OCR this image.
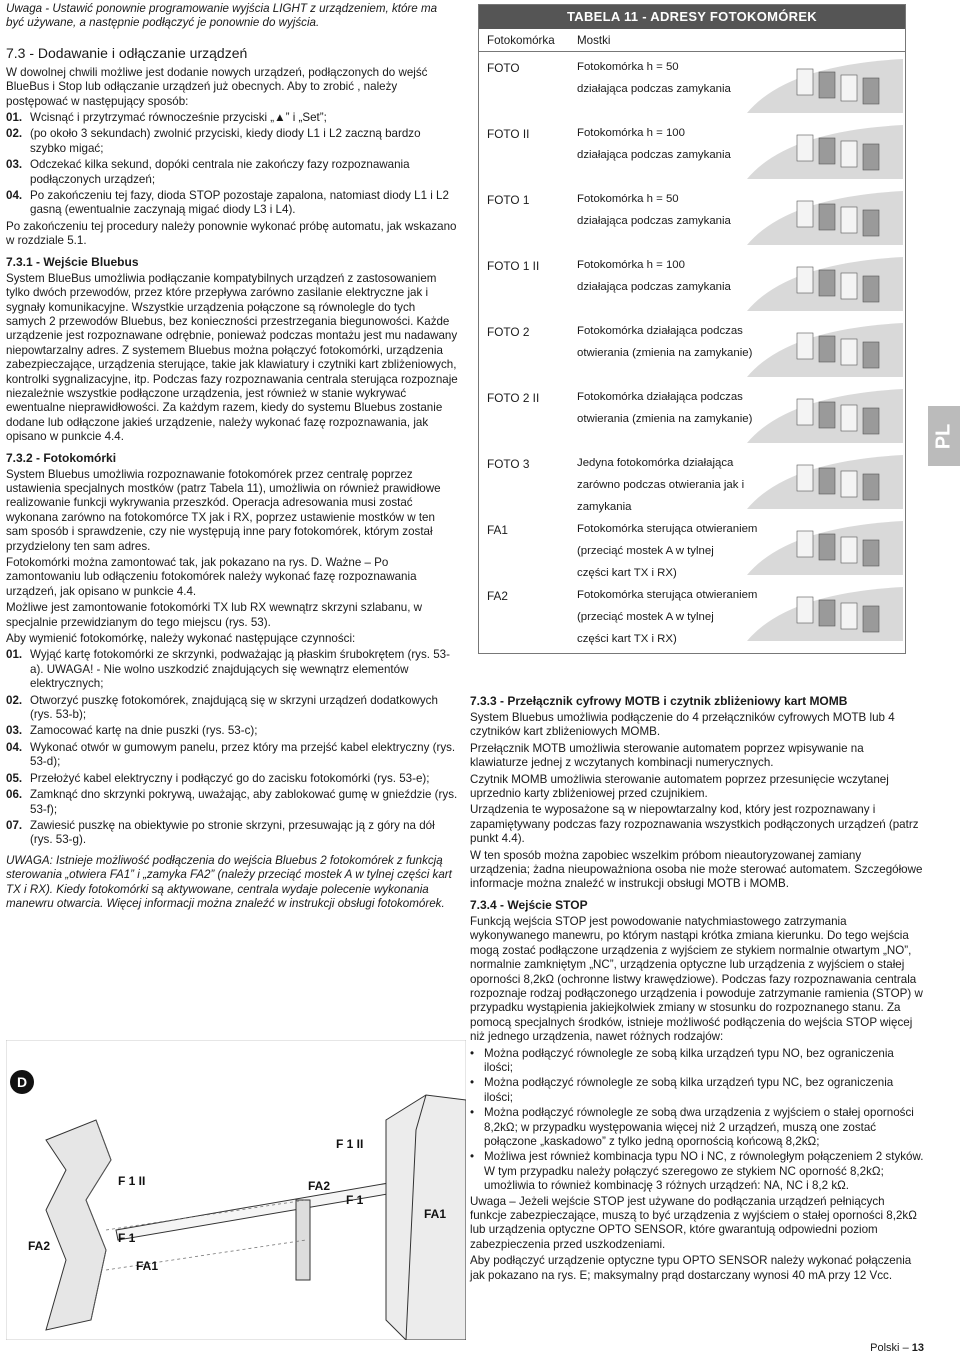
Uwaga - Ustawić ponownie programowanie wyjścia LIGHT z urządzeniem, które ma być używane, a następnie podłączyć je ponownie do wyjścia.

7.3 - Dodawanie i odłączanie urządzeń

W dowolnej chwili możliwe jest dodanie nowych urządzeń, podłączonych do wejść BlueBus i Stop lub odłączanie urządzeń już obecnych. Aby to zrobić , należy postępować w następujący sposób:

01. Wcisnąć i przytrzymać równocześnie przyciski „▲” i „Set”;
02. (po około 3 sekundach) zwolnić przyciski, kiedy diody L1 i L2 zaczną bardzo szybko migać;
03. Odczekać kilka sekund, dopóki centrala nie zakończy fazy rozpoznawania podłączonych urządzeń;
04. Po zakończeniu tej fazy, dioda STOP pozostaje zapalona, natomiast diody L1 i L2 gasną (ewentualnie zaczynają migać diody L3 i L4).

Po zakończeniu tej procedury należy ponownie wykonać próbę automatu, jak wskazano w rozdziale 5.1.

7.3.1 - Wejście Bluebus

System BlueBus umożliwia podłączanie kompatybilnych urządzeń z zastosowaniem tylko dwóch przewodów, przez które przepływa zarówno zasilanie elektryczne jak i sygnały komunikacyjne. Wszystkie urządzenia połączone są równolegle do tych samych 2 przewodów Bluebus, bez konieczności przestrzegania biegunowości. Każde urządzenie jest rozpoznawane odrębnie, ponieważ podczas montażu jest mu nadawany niepowtarzalny adres. Z systemem Bluebus można połączyć fotokomórki, urządzenia zabezpieczające, urządzenia sterujące, takie jak klawiatury i czytniki kart zbliżeniowych, kontrolki sygnalizacyjne, itp. Podczas fazy rozpoznawania centrala sterująca rozpoznaje niezależnie wszystkie podłączone urządzenia, jest również w stanie wykrywać ewentualne nieprawidłowości. Za każdym razem, kiedy do systemu Bluebus zostanie dodane lub odłączone jakieś urządzenie, należy wykonać fazę rozpoznawania, jak opisano w punkcie 4.4.

7.3.2 - Fotokomórki

System Bluebus umożliwia rozpoznawanie fotokomórek przez centralę poprzez ustawienia specjalnych mostków (patrz Tabela 11), umożliwia on również prawidłowe realizowanie funkcji wykrywania przeszkód. Operacja adresowania musi zostać wykonana zarówno na fotokomórce TX jak i RX, poprzez ustawienie mostków w ten sam sposób i sprawdzenie, czy nie występują inne pary fotokomórek, którym został przydzielony ten sam adres.

Fotokomórki można zamontować tak, jak pokazano na rys. D. Ważne – Po zamontowaniu lub odłączeniu fotokomórek należy wykonać fazę rozpoznawania urządzeń, jak opisano w punkcie 4.4.

Możliwe jest zamontowanie fotokomórki TX lub RX wewnątrz skrzyni szlabanu, w specjalnie przewidzianym do tego miejscu (rys. 53).

Aby wymienić fotokomórkę, należy wykonać następujące czynności:

01. Wyjąć kartę fotokomórki ze skrzynki, podważając ją płaskim śrubokrętem (rys. 53-a). UWAGA! - Nie wolno uszkodzić znajdujących się wewnątrz elementów elektrycznych;
02. Otworzyć puszkę fotokomórek, znajdującą się w skrzyni urządzeń dodatkowych (rys. 53-b);
03. Zamocować kartę na dnie puszki (rys. 53-c);
04. Wykonać otwór w gumowym panelu, przez który ma przejść kabel elektryczny (rys. 53-d);
05. Przełożyć kabel elektryczny i podłączyć go do zacisku fotokomórki (rys. 53-e);
06. Zamknąć dno skrzynki pokrywą, uważając, aby zablokować gumę w gnieździe (rys. 53-f);
07. Zawiesić puszkę na obiektywie po stronie skrzyni, przesuwając ją z góry na dół (rys. 53-g).

UWAGA: Istnieje możliwość podłączenia do wejścia Bluebus 2 fotokomórek z funkcją sterowania „otwiera FA1” i „zamyka FA2” (należy przeciąć mostek A w tylnej części kart TX i RX). Kiedy fotokomórki są aktywowane, centrala wydaje polecenie wykonania manewru otwarcia. Więcej informacji można znaleźć w instrukcji obsługi fotokomórek.

D
FA2
F 1 II
F 1
FA1
FA2
F 1 II
F 1
FA1
TABELA 11 - ADRESY FOTOKOMÓREK
Fotokomórka	Mostki
FOTO	Fotokomórka h = 50
działająca podczas zamykania
FOTO II	Fotokomórka h = 100
działająca podczas zamykania
FOTO 1	Fotokomórka h = 50
działająca podczas zamykania
FOTO 1 II	Fotokomórka h = 100
działająca podczas zamykania
FOTO 2	Fotokomórka działająca podczas
otwierania (zmienia na zamykanie)
FOTO 2 II	Fotokomórka działająca podczas
otwierania (zmienia na zamykanie)
FOTO 3	Jedyna fotokomórka działająca
zarówno podczas otwierania jak i
zamykania
FA1	Fotokomórka sterująca otwieraniem
(przeciąć mostek A w tylnej
części kart TX i RX)
FA2	Fotokomórka sterująca otwieraniem
(przeciąć mostek A w tylnej
części kart TX i RX)
7.3.3 - Przełącznik cyfrowy MOTB i czytnik zbliżeniowy kart MOMB

System Bluebus umożliwia podłączenie do 4 przełączników cyfrowych MOTB lub 4 czytników kart zbliżeniowych MOMB.

Przełącznik MOTB umożliwia sterowanie automatem poprzez wpisywanie na klawiaturze jednej z wczytanych kombinacji numerycznych.

Czytnik MOMB umożliwia sterowanie automatem poprzez przesunięcie wczytanej uprzednio karty zbliżeniowej przed czujnikiem.

Urządzenia te wyposażone są w niepowtarzalny kod, który jest rozpoznawany i zapamiętywany podczas fazy rozpoznawania wszystkich podłączonych urządzeń (patrz punkt 4.4).

W ten sposób można zapobiec wszelkim próbom nieautoryzowanej zamiany urządzenia; żadna nieupoważniona osoba nie może sterować automatem. Szczegółowe informacje można znaleźć w instrukcji obsługi MOTB i MOMB.

7.3.4 - Wejście STOP

Funkcją wejścia STOP jest powodowanie natychmiastowego zatrzymania wykonywanego manewru, po którym nastąpi krótka zmiana kierunku. Do tego wejścia mogą zostać podłączone urządzenia z wyjściem ze stykiem normalnie otwartym „NO”, normalnie zamkniętym „NC”, urządzenia optyczne lub urządzenia z wyjściem o stałej oporności 8,2kΩ (ochronne listwy krawędziowe). Podczas fazy rozpoznawania centrala rozpoznaje rodzaj podłączonego urządzenia i powoduje zatrzymanie ramienia (STOP) w przypadku wystąpienia jakiejkolwiek zmiany w stosunku do rozpoznanego stanu. Za pomocą specjalnych środków, istnieje możliwość podłączenia do wejścia STOP więcej niż jednego urządzenia, nawet różnych rodzajów:

• Można podłączyć równolegle ze sobą kilka urządzeń typu NO, bez ograniczenia ilości;
• Można podłączyć równolegle ze sobą kilka urządzeń typu NC, bez ograniczenia ilości;
• Można podłączyć równolegle ze sobą dwa urządzenia z wyjściem o stałej oporności 8,2kΩ; w przypadku występowania więcej niż 2 urządzeń, muszą one zostać połączone „kaskadowo” z tylko jedną opornością końcową 8,2kΩ;
• Możliwa jest również kombinacja typu NO i NC, z równoległym połączeniem 2 styków. W tym przypadku należy połączyć szeregowo ze stykiem NC oporność 8,2kΩ; umożliwia to również kombinację 3 różnych urządzeń: NA, NC i 8,2 kΩ.

Uwaga – Jeżeli wejście STOP jest używane do podłączania urządzeń pełniących funkcje zabezpieczające, muszą to być urządzenia z wyjściem o stałej oporności 8,2kΩ lub urządzenia optyczne OPTO SENSOR, które gwarantują odpowiedni poziom zabezpieczenia przed uszkodzeniami.

Aby podłączyć urządzenie optyczne typu OPTO SENSOR należy wykonać połączenia jak pokazano na rys. E; maksymalny prąd dostarczany wynosi 40 mA przy 12 Vcc.

PL
Polski – 13
